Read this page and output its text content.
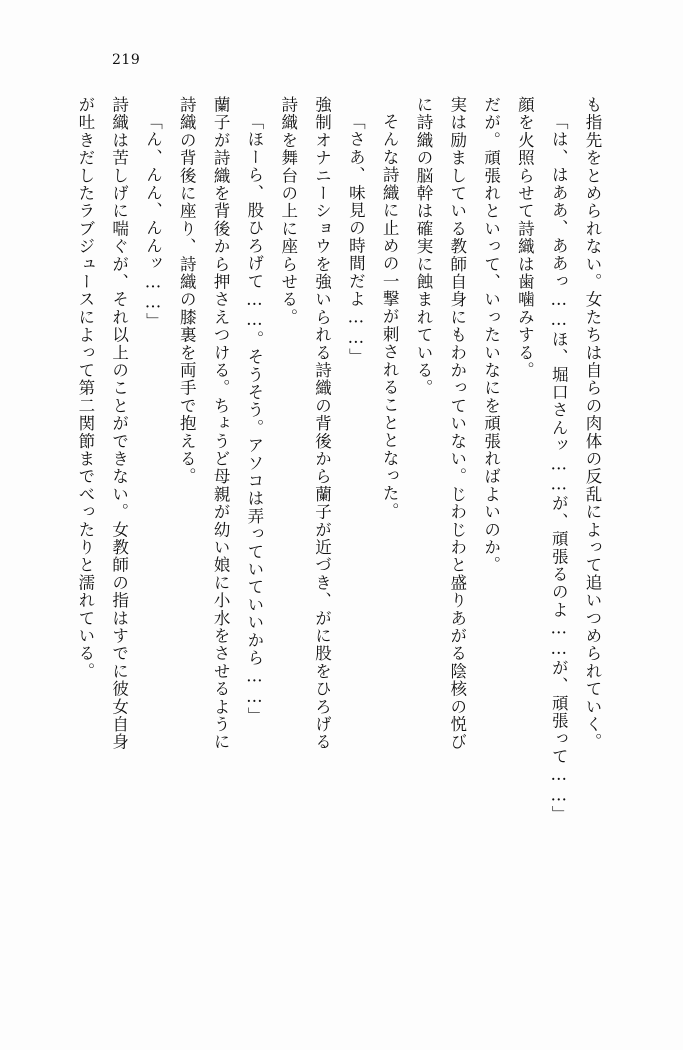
219
も指先をとめられない。女たちは自らの肉体の反乱によって追いつめられていく。
「は、はああ、ああっ……ほ、堀口さんッ……が、頑張るのよ……が、頑張って……」
顔を火照らせて詩織は歯噛みする。
だが。頑張れといって、いったいなにを頑張ればよいのか。
実は励ましている教師自身にもわかっていない。じわじわと盛りあがる陰核の悦び
に詩織の脳幹は確実に蝕まれている。
そんな詩織に止めの一撃が刺されることとなった。
「さあ、味見の時間だよ……」
強制オナニーショウを強いられる詩織の背後から蘭子が近づき、がに股をひろげる
詩織を舞台の上に座らせる。
「ほーら、股ひろげて……。そうそう。アソコは弄っていていいから……」
蘭子が詩織を背後から押さえつける。ちょうど母親が幼い娘に小水をさせるように
詩織の背後に座り、詩織の膝裏を両手で抱える。
「ん、んん、んんッ……」
詩織は苦しげに喘ぐが、それ以上のことができない。女教師の指はすでに彼女自身
が吐きだしたラブジュースによって第二関節までべったりと濡れている。
